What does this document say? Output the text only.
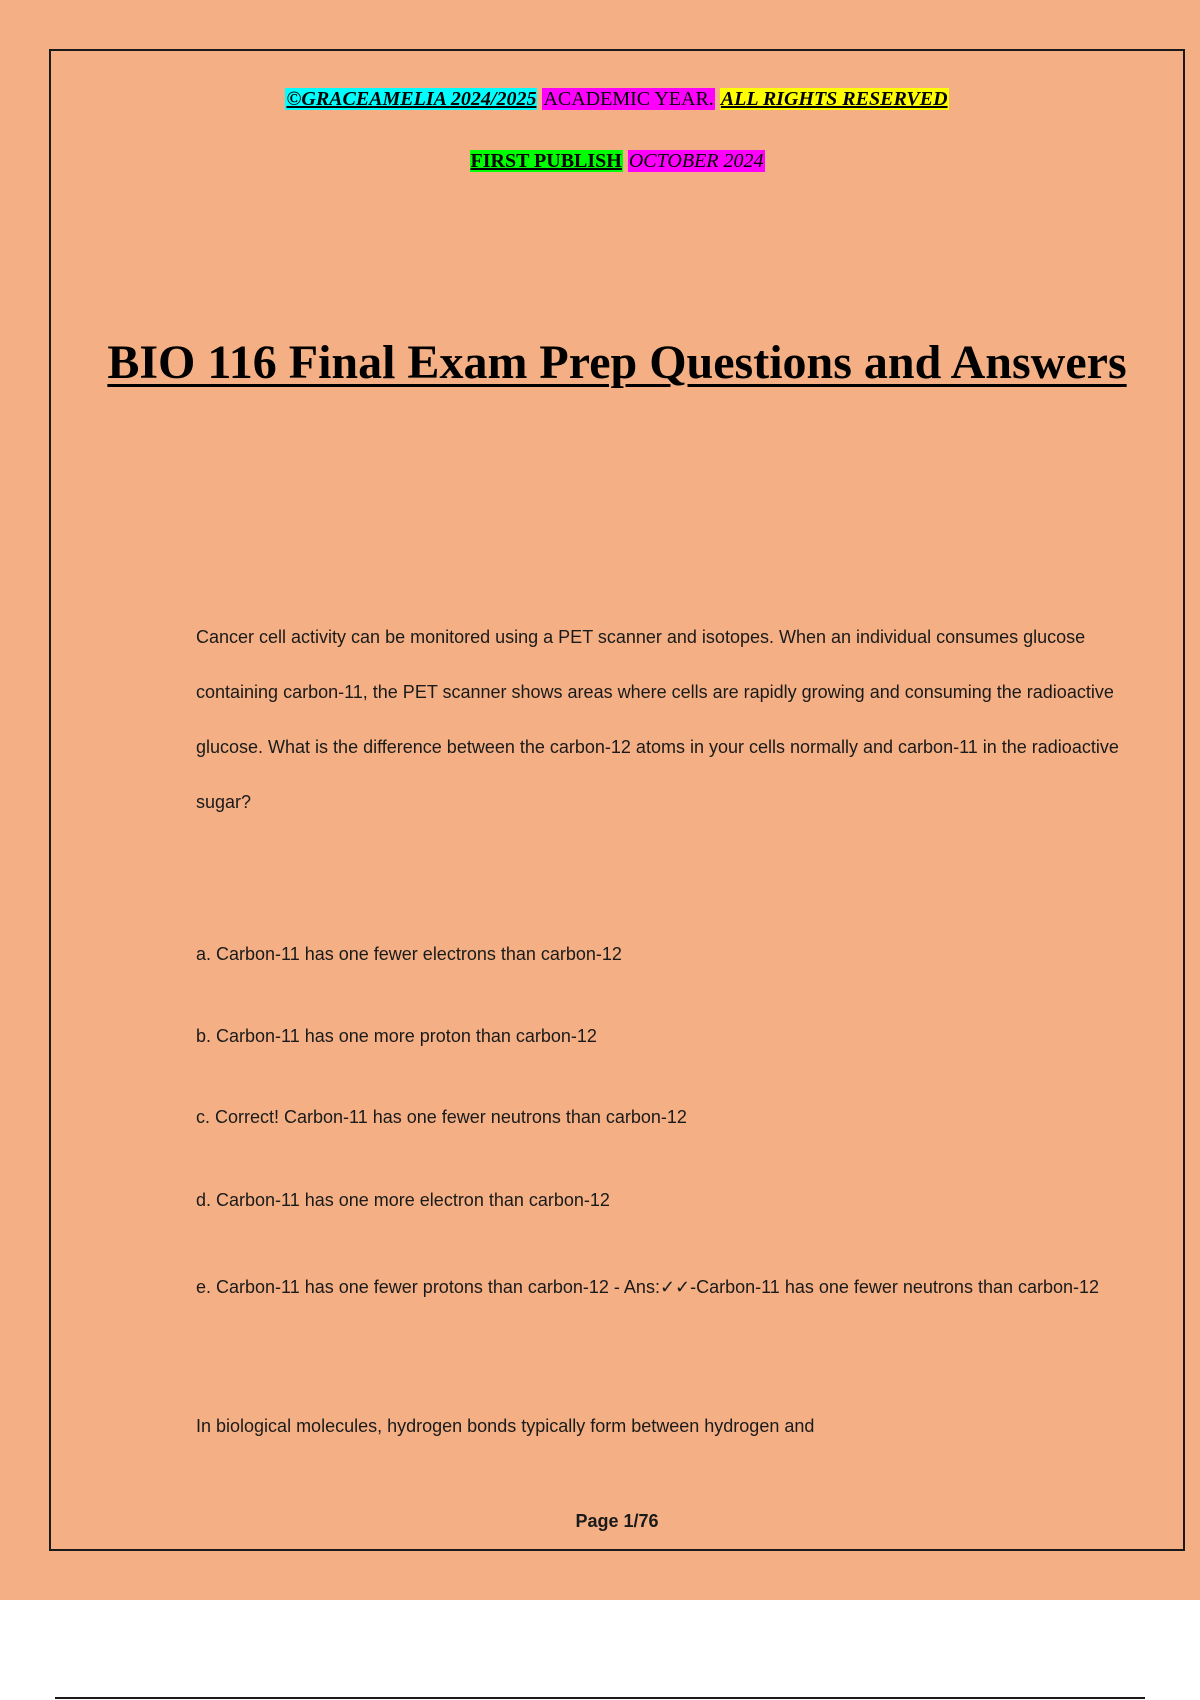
©GRACEAMELIA 2024/2025 ACADEMIC YEAR. ALL RIGHTS RESERVED
FIRST PUBLISH OCTOBER 2024
BIO 116 Final Exam Prep Questions and Answers

Cancer cell activity can be monitored using a PET scanner and isotopes. When an individual consumes glucose containing carbon-11, the PET scanner shows areas where cells are rapidly growing and consuming the radioactive glucose. What is the difference between the carbon-12 atoms in your cells normally and carbon-11 in the radioactive sugar?

a. Carbon-11 has one fewer electrons than carbon-12

b. Carbon-11 has one more proton than carbon-12

c. Correct! Carbon-11 has one fewer neutrons than carbon-12

d. Carbon-11 has one more electron than carbon-12

e. Carbon-11 has one fewer protons than carbon-12 - Ans:✓✓-Carbon-11 has one fewer neutrons than carbon-12

In biological molecules, hydrogen bonds typically form between hydrogen and

Page 1/76
